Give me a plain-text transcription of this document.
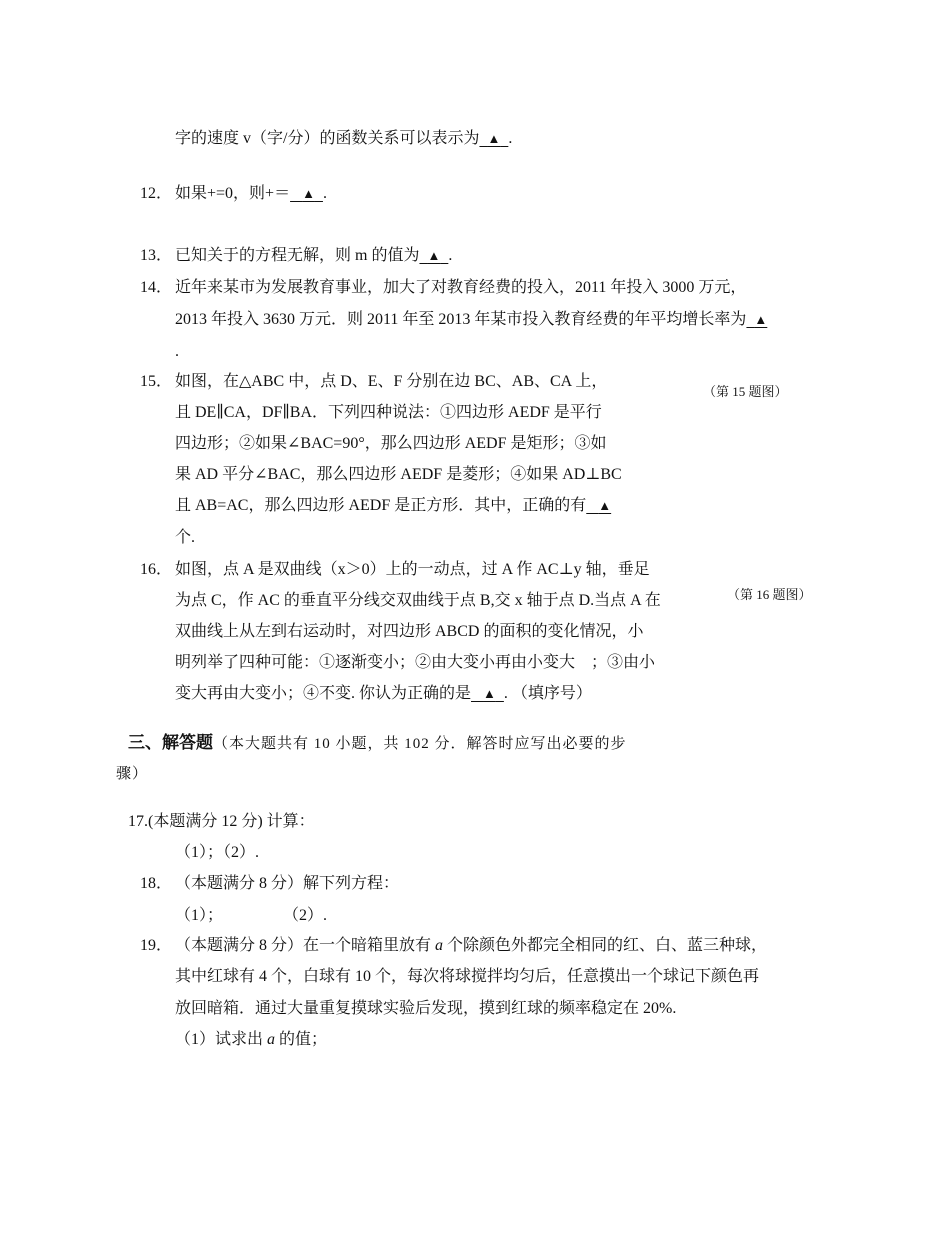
字的速度 v（字/分）的函数关系可以表示为 ▲ .
12． 如果+=0，则+＝ ▲ .
13． 已知关于的方程无解，则 m 的值为 ▲ .
14． 近年来某市为发展教育事业，加大了对教育经费的投入，2011 年投入 3000 万元，
2013 年投入 3630 万元．则 2011 年至 2013 年某市投入教育经费的年平均增长率为 ▲
.
15． 如图，在△ABC 中，点 D、E、F 分别在边 BC、AB、CA 上，
且 DE∥CA，DF∥BA．下列四种说法：①四边形 AEDF 是平行
四边形；②如果∠BAC=90°，那么四边形 AEDF 是矩形；③如
果 AD 平分∠BAC，那么四边形 AEDF 是菱形；④如果 AD⊥BC
且 AB=AC，那么四边形 AEDF 是正方形．其中，正确的有 ▲
个.
（第 15 题图）
16． 如图，点 A 是双曲线（x＞0）上的一动点，过 A 作 AC⊥y 轴，垂足
为点 C，作 AC 的垂直平分线交双曲线于点 B,交 x 轴于点 D.当点 A 在
双曲线上从左到右运动时，对四边形 ABCD 的面积的变化情况，小
明列举了四种可能：①逐渐变小；②由大变小再由小变大　；③由小
变大再由大变小；④不变. 你认为正确的是 ▲ . （填序号）
（第 16 题图）
三、解答题（本大题共有 10 小题，共 102 分．解答时应写出必要的步
骤）
17.(本题满分 12 分) 计算：
（1）；（2）.
18． （本题满分 8 分）解下列方程：
（1）；	（2）.
19． （本题满分 8 分）在一个暗箱里放有 a 个除颜色外都完全相同的红、白、蓝三种球，
其中红球有 4 个，白球有 10 个，每次将球搅拌均匀后，任意摸出一个球记下颜色再
放回暗箱．通过大量重复摸球实验后发现，摸到红球的频率稳定在 20%.
（1）试求出 a 的值；
